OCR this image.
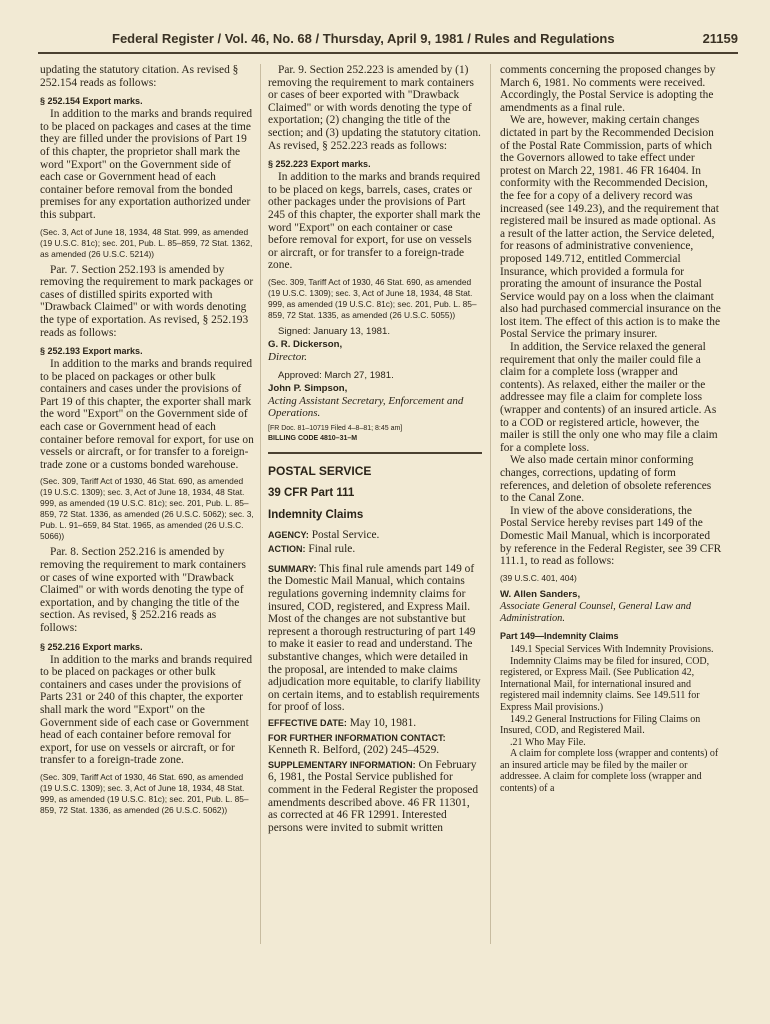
Federal Register / Vol. 46, No. 68 / Thursday, April 9, 1981 / Rules and Regulations	21159

updating the statutory citation. As revised § 252.154 reads as follows:

§ 252.154 Export marks.

In addition to the marks and brands required to be placed on packages and cases at the time they are filled under the provisions of Part 19 of this chapter, the proprietor shall mark the word "Export" on the Government side of each case or Government head of each container before removal from the bonded premises for any exportation authorized under this subpart.

(Sec. 3, Act of June 18, 1934, 48 Stat. 999, as amended (19 U.S.C. 81c); sec. 201, Pub. L. 85–859, 72 Stat. 1362, as amended (26 U.S.C. 5214))

Par. 7. Section 252.193 is amended by removing the requirement to mark packages or cases of distilled spirits exported with "Drawback Claimed" or with words denoting the type of exportation. As revised, § 252.193 reads as follows:

§ 252.193 Export marks.

In addition to the marks and brands required to be placed on packages or other bulk containers and cases under the provisions of Part 19 of this chapter, the exporter shall mark the word "Export" on the Government side of each case or Government head of each container before removal for export, for use on vessels or aircraft, or for transfer to a foreign-trade zone or a customs bonded warehouse.

(Sec. 309, Tariff Act of 1930, 46 Stat. 690, as amended (19 U.S.C. 1309); sec. 3, Act of June 18, 1934, 48 Stat. 999, as amended (19 U.S.C. 81c); sec. 201, Pub. L. 85–859, 72 Stat. 1336, as amended (26 U.S.C. 5062); sec. 3, Pub. L. 91–659, 84 Stat. 1965, as amended (26 U.S.C. 5066))

Par. 8. Section 252.216 is amended by removing the requirement to mark containers or cases of wine exported with "Drawback Claimed" or with words denoting the type of exportation, and by changing the title of the section. As revised, § 252.216 reads as follows:

§ 252.216 Export marks.

In addition to the marks and brands required to be placed on packages or other bulk containers and cases under the provisions of Parts 231 or 240 of this chapter, the exporter shall mark the word "Export" on the Government side of each case or Government head of each container before removal for export, for use on vessels or aircraft, or for transfer to a foreign-trade zone.

(Sec. 309, Tariff Act of 1930, 46 Stat. 690, as amended (19 U.S.C. 1309); sec. 3, Act of June 18, 1934, 48 Stat. 999, as amended (19 U.S.C. 81c); sec. 201, Pub. L. 85–859, 72 Stat. 1336, as amended (26 U.S.C. 5062))

Par. 9. Section 252.223 is amended by (1) removing the requirement to mark containers or cases of beer exported with "Drawback Claimed" or with words denoting the type of exportation; (2) changing the title of the section; and (3) updating the statutory citation. As revised, § 252.223 reads as follows:

§ 252.223 Export marks.

In addition to the marks and brands required to be placed on kegs, barrels, cases, crates or other packages under the provisions of Part 245 of this chapter, the exporter shall mark the word "Export" on each container or case before removal for export, for use on vessels or aircraft, or for transfer to a foreign-trade zone.

(Sec. 309, Tariff Act of 1930, 46 Stat. 690, as amended (19 U.S.C. 1309); sec. 3, Act of June 18, 1934, 48 Stat. 999, as amended (19 U.S.C. 81c); sec. 201, Pub. L. 85–859, 72 Stat. 1335, as amended (26 U.S.C. 5055))

Signed: January 13, 1981.

G. R. Dickerson,

Director.

Approved: March 27, 1981.

John P. Simpson,

Acting Assistant Secretary, Enforcement and Operations.

[FR Doc. 81–10719 Filed 4–8–81; 8:45 am]

BILLING CODE 4810–31–M

POSTAL SERVICE

39 CFR Part 111

Indemnity Claims

AGENCY: Postal Service.

ACTION: Final rule.

SUMMARY: This final rule amends part 149 of the Domestic Mail Manual, which contains regulations governing indemnity claims for insured, COD, registered, and Express Mail. Most of the changes are not substantive but represent a thorough restructuring of part 149 to make it easier to read and understand. The substantive changes, which were detailed in the proposal, are intended to make claims adjudication more equitable, to clarify liability on certain items, and to establish requirements for proof of loss.

EFFECTIVE DATE: May 10, 1981.

FOR FURTHER INFORMATION CONTACT:
Kenneth R. Belford, (202) 245–4529.

SUPPLEMENTARY INFORMATION: On February 6, 1981, the Postal Service published for comment in the Federal Register the proposed amendments described above. 46 FR 11301, as corrected at 46 FR 12991. Interested persons were invited to submit written

comments concerning the proposed changes by March 6, 1981. No comments were received. Accordingly, the Postal Service is adopting the amendments as a final rule.

We are, however, making certain changes dictated in part by the Recommended Decision of the Postal Rate Commission, parts of which the Governors allowed to take effect under protest on March 22, 1981. 46 FR 16404. In conformity with the Recommended Decision, the fee for a copy of a delivery record was increased (see 149.23), and the requirement that registered mail be insured as made optional. As a result of the latter action, the Service deleted, for reasons of administrative convenience, proposed 149.712, entitled Commercial Insurance, which provided a formula for prorating the amount of insurance the Postal Service would pay on a loss when the claimant also had purchased commercial insurance on the lost item. The effect of this action is to make the Postal Service the primary insurer.

In addition, the Service relaxed the general requirement that only the mailer could file a claim for a complete loss (wrapper and contents). As relaxed, either the mailer or the addressee may file a claim for complete loss (wrapper and contents) of an insured article. As to a COD or registered article, however, the mailer is still the only one who may file a claim for a complete loss.

We also made certain minor conforming changes, corrections, updating of form references, and deletion of obsolete references to the Canal Zone.

In view of the above considerations, the Postal Service hereby revises part 149 of the Domestic Mail Manual, which is incorporated by reference in the Federal Register, see 39 CFR 111.1, to read as follows:

(39 U.S.C. 401, 404)

W. Allen Sanders,

Associate General Counsel, General Law and Administration.

Part 149—Indemnity Claims

149.1 Special Services With Indemnity Provisions.

Indemnity Claims may be filed for insured, COD, registered, or Express Mail. (See Publication 42, International Mail, for international insured and registered mail indemnity claims. See 149.511 for Express Mail provisions.)

149.2 General Instructions for Filing Claims on Insured, COD, and Registered Mail.

.21 Who May File.

A claim for complete loss (wrapper and contents) of an insured article may be filed by the mailer or addressee. A claim for complete loss (wrapper and contents) of a
